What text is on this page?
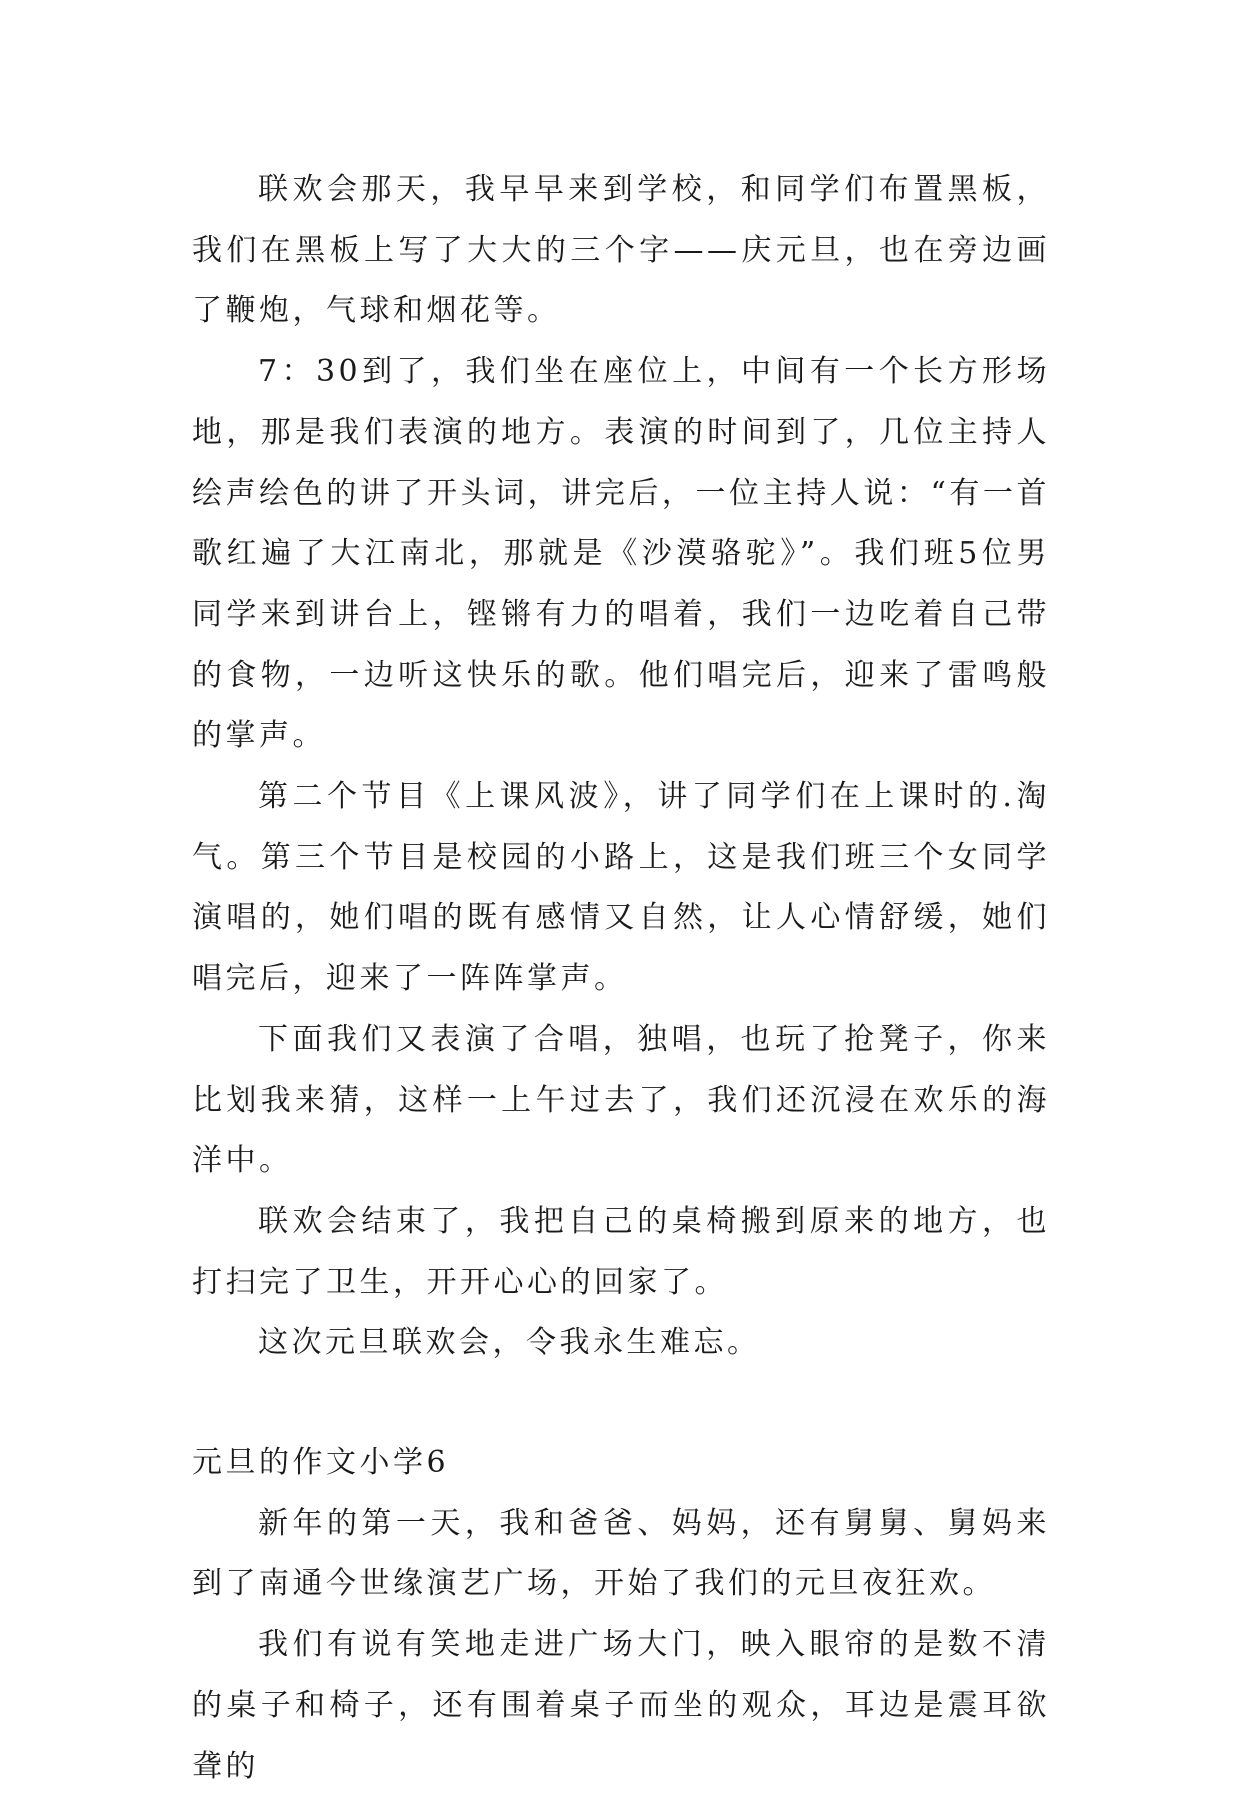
联欢会那天，我早早来到学校，和同学们布置黑板，我们在黑板上写了大大的三个字——庆元旦，也在旁边画了鞭炮，气球和烟花等。

7：30到了，我们坐在座位上，中间有一个长方形场地，那是我们表演的地方。表演的时间到了，几位主持人绘声绘色的讲了开头词，讲完后，一位主持人说：“有一首歌红遍了大江南北，那就是《沙漠骆驼》”。我们班5位男同学来到讲台上，铿锵有力的唱着，我们一边吃着自己带的食物，一边听这快乐的歌。他们唱完后，迎来了雷鸣般的掌声。

第二个节目《上课风波》，讲了同学们在上课时的.淘气。第三个节目是校园的小路上，这是我们班三个女同学演唱的，她们唱的既有感情又自然，让人心情舒缓，她们唱完后，迎来了一阵阵掌声。

下面我们又表演了合唱，独唱，也玩了抢凳子，你来比划我来猜，这样一上午过去了，我们还沉浸在欢乐的海洋中。

联欢会结束了，我把自己的桌椅搬到原来的地方，也打扫完了卫生，开开心心的回家了。

这次元旦联欢会，令我永生难忘。

元旦的作文小学6

新年的第一天，我和爸爸、妈妈，还有舅舅、舅妈来到了南通今世缘演艺广场，开始了我们的元旦夜狂欢。

我们有说有笑地走进广场大门，映入眼帘的是数不清的桌子和椅子，还有围着桌子而坐的观众，耳边是震耳欲聋的
